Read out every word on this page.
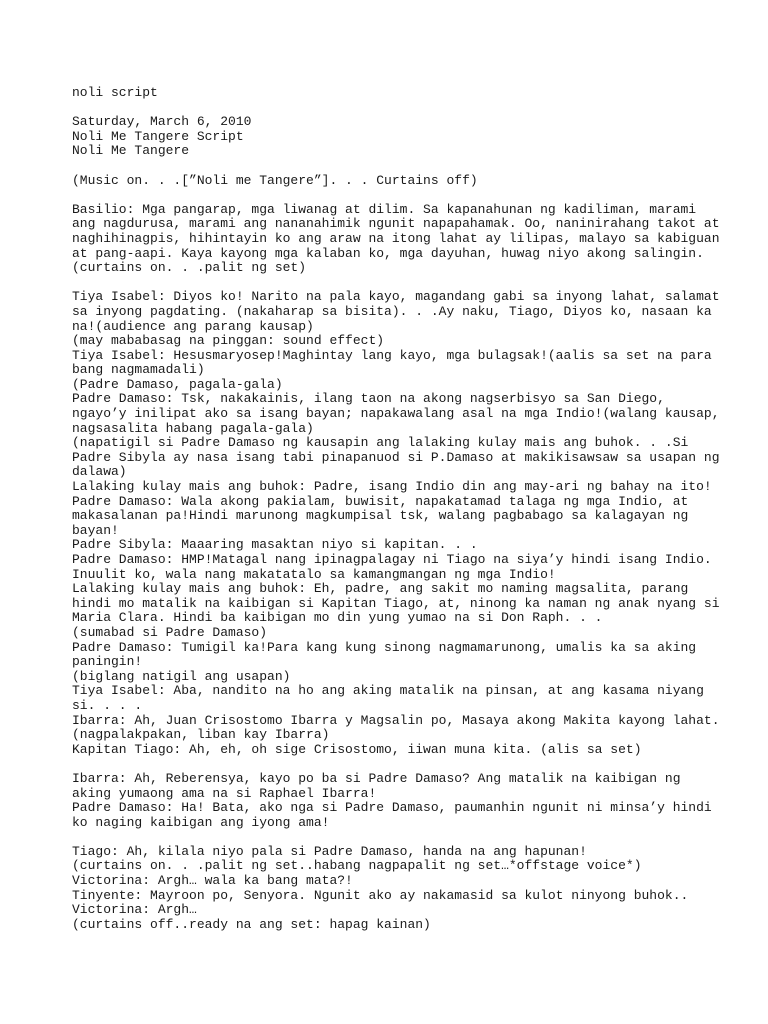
noli script
Saturday, March 6, 2010
Noli Me Tangere Script
Noli Me Tangere
(Music on. . .[”Noli me Tangere”]. . . Curtains off)
Basilio: Mga pangarap, mga liwanag at dilim. Sa kapanahunan ng kadiliman, marami
ang nagdurusa, marami ang nananahimik ngunit napapahamak. Oo, naninirahang takot at
naghihinagpis, hihintayin ko ang araw na itong lahat ay lilipas, malayo sa kabiguan
at pang-aapi. Kaya kayong mga kalaban ko, mga dayuhan, huwag niyo akong salingin.
(curtains on. . .palit ng set)
Tiya Isabel: Diyos ko! Narito na pala kayo, magandang gabi sa inyong lahat, salamat
sa inyong pagdating. (nakaharap sa bisita). . .Ay naku, Tiago, Diyos ko, nasaan ka
na!(audience ang parang kausap)
(may mababasag na pinggan: sound effect)
Tiya Isabel: Hesusmaryosep!Maghintay lang kayo, mga bulagsak!(aalis sa set na para
bang nagmamadali)
(Padre Damaso, pagala-gala)
Padre Damaso: Tsk, nakakainis, ilang taon na akong nagserbisyo sa San Diego,
ngayo’y inilipat ako sa isang bayan; napakawalang asal na mga Indio!(walang kausap,
nagsasalita habang pagala-gala)
(napatigil si Padre Damaso ng kausapin ang lalaking kulay mais ang buhok. . .Si
Padre Sibyla ay nasa isang tabi pinapanuod si P.Damaso at makikisawsaw sa usapan ng
dalawa)
Lalaking kulay mais ang buhok: Padre, isang Indio din ang may-ari ng bahay na ito!
Padre Damaso: Wala akong pakialam, buwisit, napakatamad talaga ng mga Indio, at
makasalanan pa!Hindi marunong magkumpisal tsk, walang pagbabago sa kalagayan ng
bayan!
Padre Sibyla: Maaaring masaktan niyo si kapitan. . .
Padre Damaso: HMP!Matagal nang ipinagpalagay ni Tiago na siya’y hindi isang Indio.
Inuulit ko, wala nang makatatalo sa kamangmangan ng mga Indio!
Lalaking kulay mais ang buhok: Eh, padre, ang sakit mo naming magsalita, parang
hindi mo matalik na kaibigan si Kapitan Tiago, at, ninong ka naman ng anak nyang si
Maria Clara. Hindi ba kaibigan mo din yung yumao na si Don Raph. . .
(sumabad si Padre Damaso)
Padre Damaso: Tumigil ka!Para kang kung sinong nagmamarunong, umalis ka sa aking
paningin!
(biglang natigil ang usapan)
Tiya Isabel: Aba, nandito na ho ang aking matalik na pinsan, at ang kasama niyang
si. . . .
Ibarra: Ah, Juan Crisostomo Ibarra y Magsalin po, Masaya akong Makita kayong lahat.
(nagpalakpakan, liban kay Ibarra)
Kapitan Tiago: Ah, eh, oh sige Crisostomo, iiwan muna kita. (alis sa set)
Ibarra: Ah, Reberensya, kayo po ba si Padre Damaso? Ang matalik na kaibigan ng
aking yumaong ama na si Raphael Ibarra!
Padre Damaso: Ha! Bata, ako nga si Padre Damaso, paumanhin ngunit ni minsa’y hindi
ko naging kaibigan ang iyong ama!
Tiago: Ah, kilala niyo pala si Padre Damaso, handa na ang hapunan!
(curtains on. . .palit ng set..habang nagpapalit ng set…*offstage voice*)
Victorina: Argh… wala ka bang mata?!
Tinyente: Mayroon po, Senyora. Ngunit ako ay nakamasid sa kulot ninyong buhok..
Victorina: Argh…
(curtains off..ready na ang set: hapag kainan)
